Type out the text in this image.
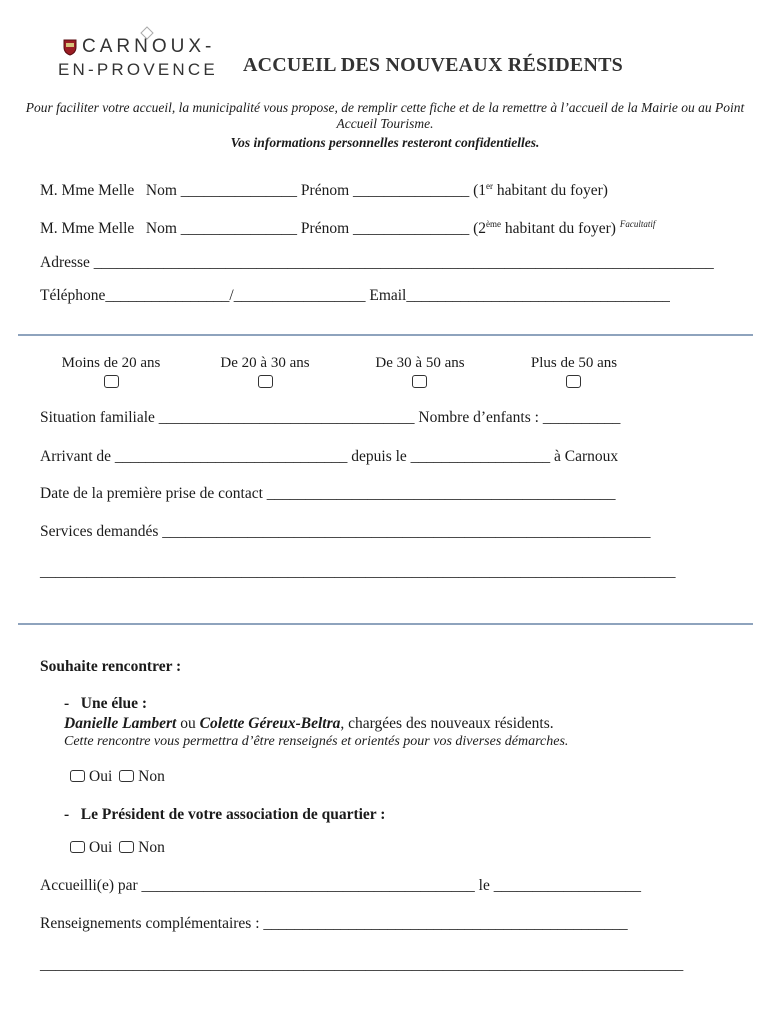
CARNOUX-
EN-PROVENCE ACCUEIL DES NOUVEAUX RÉSIDENTS
Pour faciliter votre accueil, la municipalité vous propose, de remplir cette fiche et de la remettre à l’accueil de la Mairie ou au Point Accueil Tourisme.
Vos informations personnelles resteront confidentielles.
M. Mme Melle Nom _______________ Prénom _______________ (1er habitant du foyer)
M. Mme Melle Nom _______________ Prénom _______________ (2ème habitant du foyer) $^{Facultatif}$
Adresse ________________________________________________________________________________
Téléphone________________/_________________ Email__________________________________
Moins de 20 ans	De 20 à 30 ans	De 30 à 50 ans	Plus de 50 ans
Situation familiale _________________________________ Nombre d’enfants : __________
Arrivant de ______________________________ depuis le __________________ à Carnoux
Date de la première prise de contact _____________________________________________
Services demandés _______________________________________________________________
__________________________________________________________________________________
Souhaite rencontrer :
- Une élue :
Danielle Lambert ou Colette Géreux-Beltra, chargées des nouveaux résidents.
Cette rencontre vous permettra d’être renseignés et orientés pour vos diverses démarches.
Oui Non
- Le Président de votre association de quartier :
Oui Non
Accueilli(e) par ___________________________________________ le ___________________
Renseignements complémentaires : _______________________________________________
___________________________________________________________________________________
